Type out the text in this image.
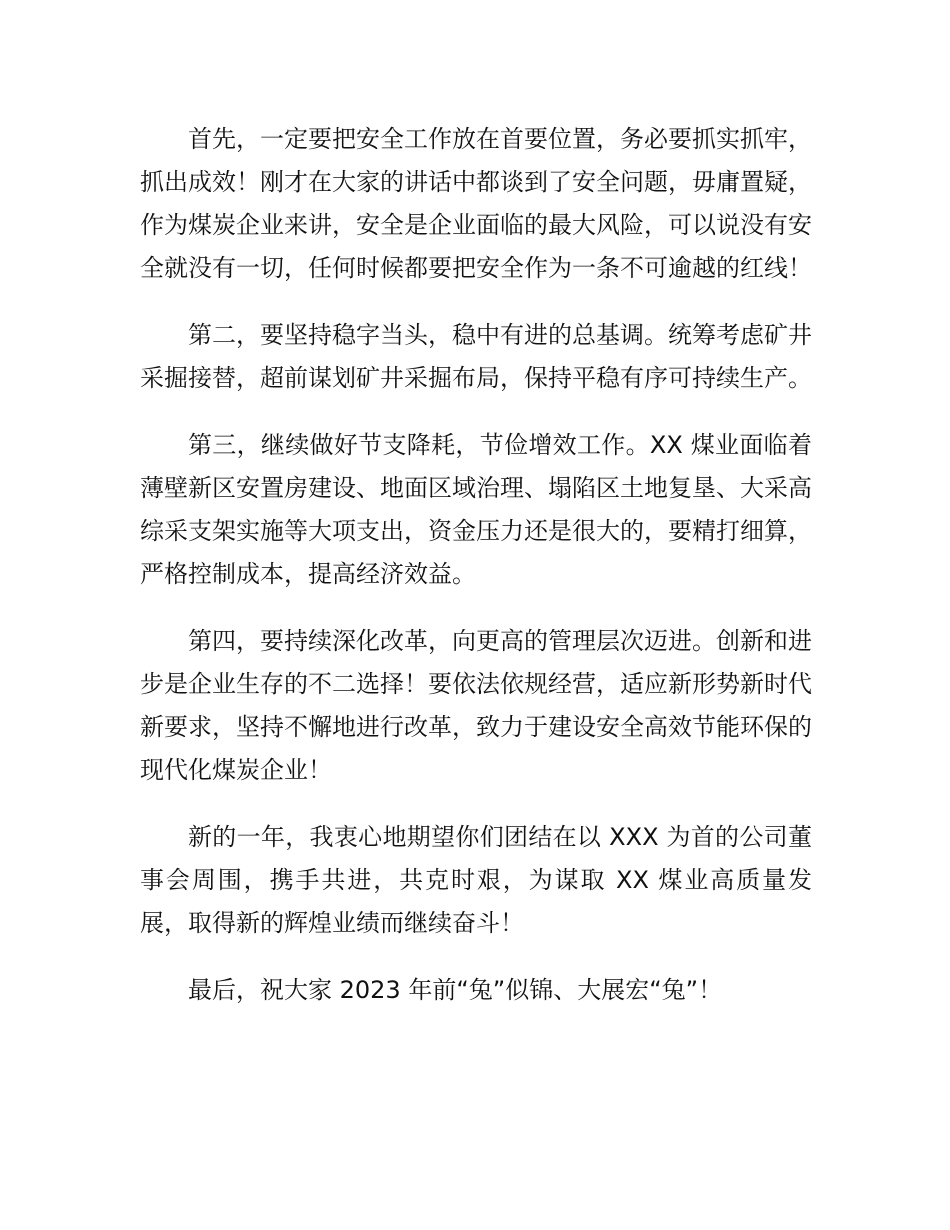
首先，一定要把安全工作放在首要位置，务必要抓实抓牢，抓出成效！刚才在大家的讲话中都谈到了安全问题，毋庸置疑，作为煤炭企业来讲，安全是企业面临的最大风险，可以说没有安全就没有一切，任何时候都要把安全作为一条不可逾越的红线！

第二，要坚持稳字当头，稳中有进的总基调。统筹考虑矿井采掘接替，超前谋划矿井采掘布局，保持平稳有序可持续生产。

第三，继续做好节支降耗，节俭增效工作。XX 煤业面临着薄壁新区安置房建设、地面区域治理、塌陷区土地复垦、大采高综采支架实施等大项支出，资金压力还是很大的，要精打细算，严格控制成本，提高经济效益。

第四，要持续深化改革，向更高的管理层次迈进。创新和进步是企业生存的不二选择！要依法依规经营，适应新形势新时代新要求，坚持不懈地进行改革，致力于建设安全高效节能环保的现代化煤炭企业！

新的一年，我衷心地期望你们团结在以 XXX 为首的公司董事会周围，携手共进，共克时艰，为谋取 XX 煤业高质量发展，取得新的辉煌业绩而继续奋斗！

最后，祝大家 2023 年前“兔”似锦、大展宏“兔”！
